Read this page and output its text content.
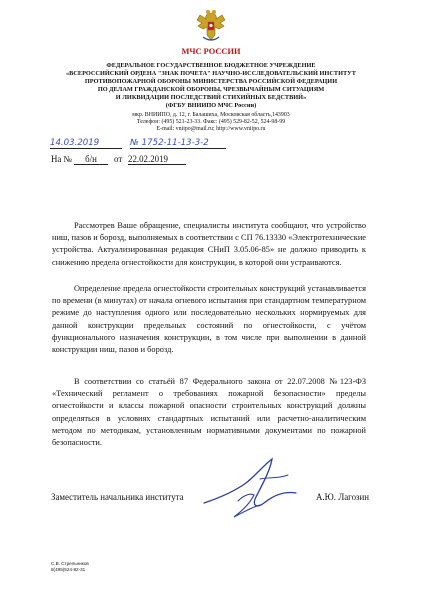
МЧС РОССИИ
ФЕДЕРАЛЬНОЕ ГОСУДАРСТВЕННОЕ БЮДЖЕТНОЕ УЧРЕЖДЕНИЕ
«ВСЕРОССИЙСКИЙ ОРДЕНА "ЗНАК ПОЧЕТА" НАУЧНО-ИССЛЕДОВАТЕЛЬСКИЙ ИНСТИТУТ
ПРОТИВОПОЖАРНОЙ ОБОРОНЫ МИНИСТЕРСТВА РОССИЙСКОЙ ФЕДЕРАЦИИ
ПО ДЕЛАМ ГРАЖДАНСКОЙ ОБОРОНЫ, ЧРЕЗВЫЧАЙНЫМ СИТУАЦИЯМ
И ЛИКВИДАЦИИ ПОСЛЕДСТВИЙ СТИХИЙНЫХ БЕДСТВИЙ»
(ФГБУ ВНИИПО МЧС России)
мкр. ВНИИПО, д. 12, г. Балашиха, Московская область,143903
Телефон: (495) 521-23-33. Факс: (495) 529-82-52, 524-98-99
E-mail: vniipo@mail.ru; http://www.vniipo.ru
14.03.2019	№ 1752-11-13-3-2
На №	б/н	от 22.02.2019

Рассмотрев Ваше обращение, специалисты института сообщают, что устройство ниш, пазов и борозд, выполняемых в соответствии с СП 76.13330 «Электротехнические устройства. Актуализированная редакция СНиП 3.05.06-85» не должно приводить к снижению предела огнестойкости для конструкции, в которой они устраиваются.

Определение предела огнестойкости строительных конструкций устанавливается по времени (в минутах) от начала огневого испытания при стандартном температурном режиме до наступления одного или последовательно нескольких нормируемых для данной конструкции предельных состояний по огнестойкости, с учётом функционального назначения конструкции, в том числе при выполнении в данной конструкции ниш, пазов и борозд.

В соответствии со статьёй 87 Федерального закона от 22.07.2008 №123-ФЗ «Технический регламент о требованиях пожарной безопасности» пределы огнестойкости и классы пожарной опасности строительных конструкций должны определяться в условиях стандартных испытаний или расчетно-аналитическим методом по методикам, установленным нормативными документами по пожарной безопасности.

Заместитель начальника института	А.Ю. Лагозин
С.В. Стрельников
8(495)524-82-31
